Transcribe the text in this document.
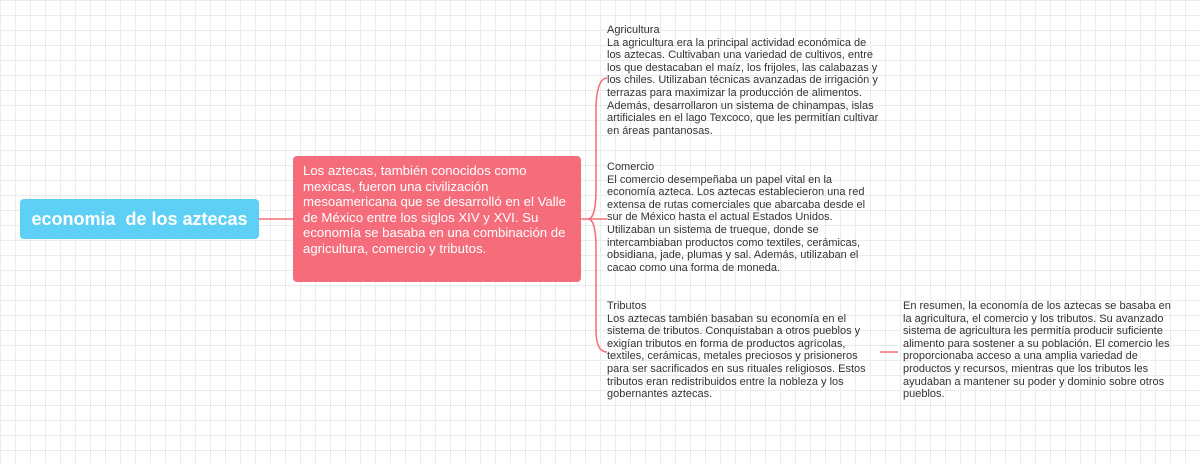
economia  de los aztecas
Los aztecas, también conocidos como mexicas, fueron una civilización mesoamericana que se desarrolló en el Valle de México entre los siglos XIV y XVI. Su economía se basaba en una combinación de agricultura, comercio y tributos.
Agricultura
La agricultura era la principal actividad económica de los aztecas. Cultivaban una variedad de cultivos, entre los que destacaban el maíz, los frijoles, las calabazas y los chiles. Utilizaban técnicas avanzadas de irrigación y terrazas para maximizar la producción de alimentos. Además, desarrollaron un sistema de chinampas, islas artificiales en el lago Texcoco, que les permitían cultivar en áreas pantanosas.
Comercio
El comercio desempeñaba un papel vital en la economía azteca. Los aztecas establecieron una red extensa de rutas comerciales que abarcaba desde el sur de México hasta el actual Estados Unidos. Utilizaban un sistema de trueque, donde se intercambiaban productos como textiles, cerámicas, obsidiana, jade, plumas y sal. Además, utilizaban el cacao como una forma de moneda.
Tributos
Los aztecas también basaban su economía en el sistema de tributos. Conquistaban a otros pueblos y exigían tributos en forma de productos agrícolas, textiles, cerámicas, metales preciosos y prisioneros para ser sacrificados en sus rituales religiosos. Estos tributos eran redistribuidos entre la nobleza y los gobernantes aztecas.
En resumen, la economía de los aztecas se basaba en la agricultura, el comercio y los tributos. Su avanzado sistema de agricultura les permitía producir suficiente alimento para sostener a su población. El comercio les proporcionaba acceso a una amplia variedad de productos y recursos, mientras que los tributos les ayudaban a mantener su poder y dominio sobre otros pueblos.
